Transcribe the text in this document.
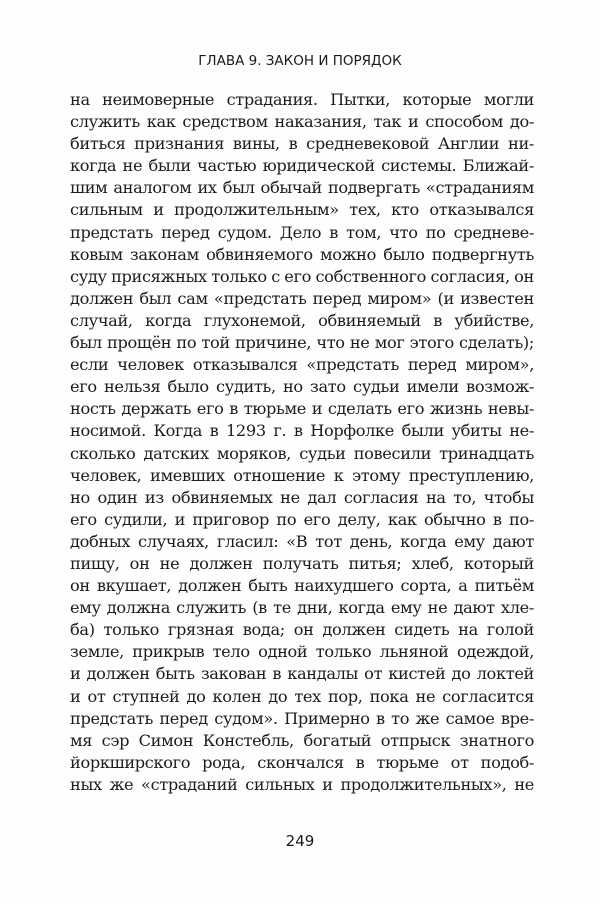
ГЛАВА 9. ЗАКОН И ПОРЯДОК
на неимоверные страдания. Пытки, которые могли
служить как средством наказания, так и способом до-
биться признания вины, в средневековой Англии ни-
когда не были частью юридической системы. Ближай-
шим аналогом их был обычай подвергать «страданиям
сильным и продолжительным» тех, кто отказывался
предстать перед судом. Дело в том, что по средневе-
ковым законам обвиняемого можно было подвергнуть
суду присяжных только с его собственного согласия, он
должен был сам «предстать перед миром» (и известен
случай, когда глухонемой, обвиняемый в убийстве,
был прощён по той причине, что не мог этого сделать);
если человек отказывался «предстать перед миром»,
его нельзя было судить, но зато судьи имели возмож-
ность держать его в тюрьме и сделать его жизнь невы-
носимой. Когда в 1293 г. в Норфолке были убиты не-
сколько датских моряков, судьи повесили тринадцать
человек, имевших отношение к этому преступлению,
но один из обвиняемых не дал согласия на то, чтобы
его судили, и приговор по его делу, как обычно в по-
добных случаях, гласил: «В тот день, когда ему дают
пищу, он не должен получать питья; хлеб, который
он вкушает, должен быть наихудшего сорта, а питьём
ему должна служить (в те дни, когда ему не дают хле-
ба) только грязная вода; он должен сидеть на голой
земле, прикрыв тело одной только льняной одеждой,
и должен быть закован в кандалы от кистей до локтей
и от ступней до колен до тех пор, пока не согласится
предстать перед судом». Примерно в то же самое вре-
мя сэр Симон Констебль, богатый отпрыск знатного
йоркширского рода, скончался в тюрьме от подоб-
ных же «страданий сильных и продолжительных», не
249
